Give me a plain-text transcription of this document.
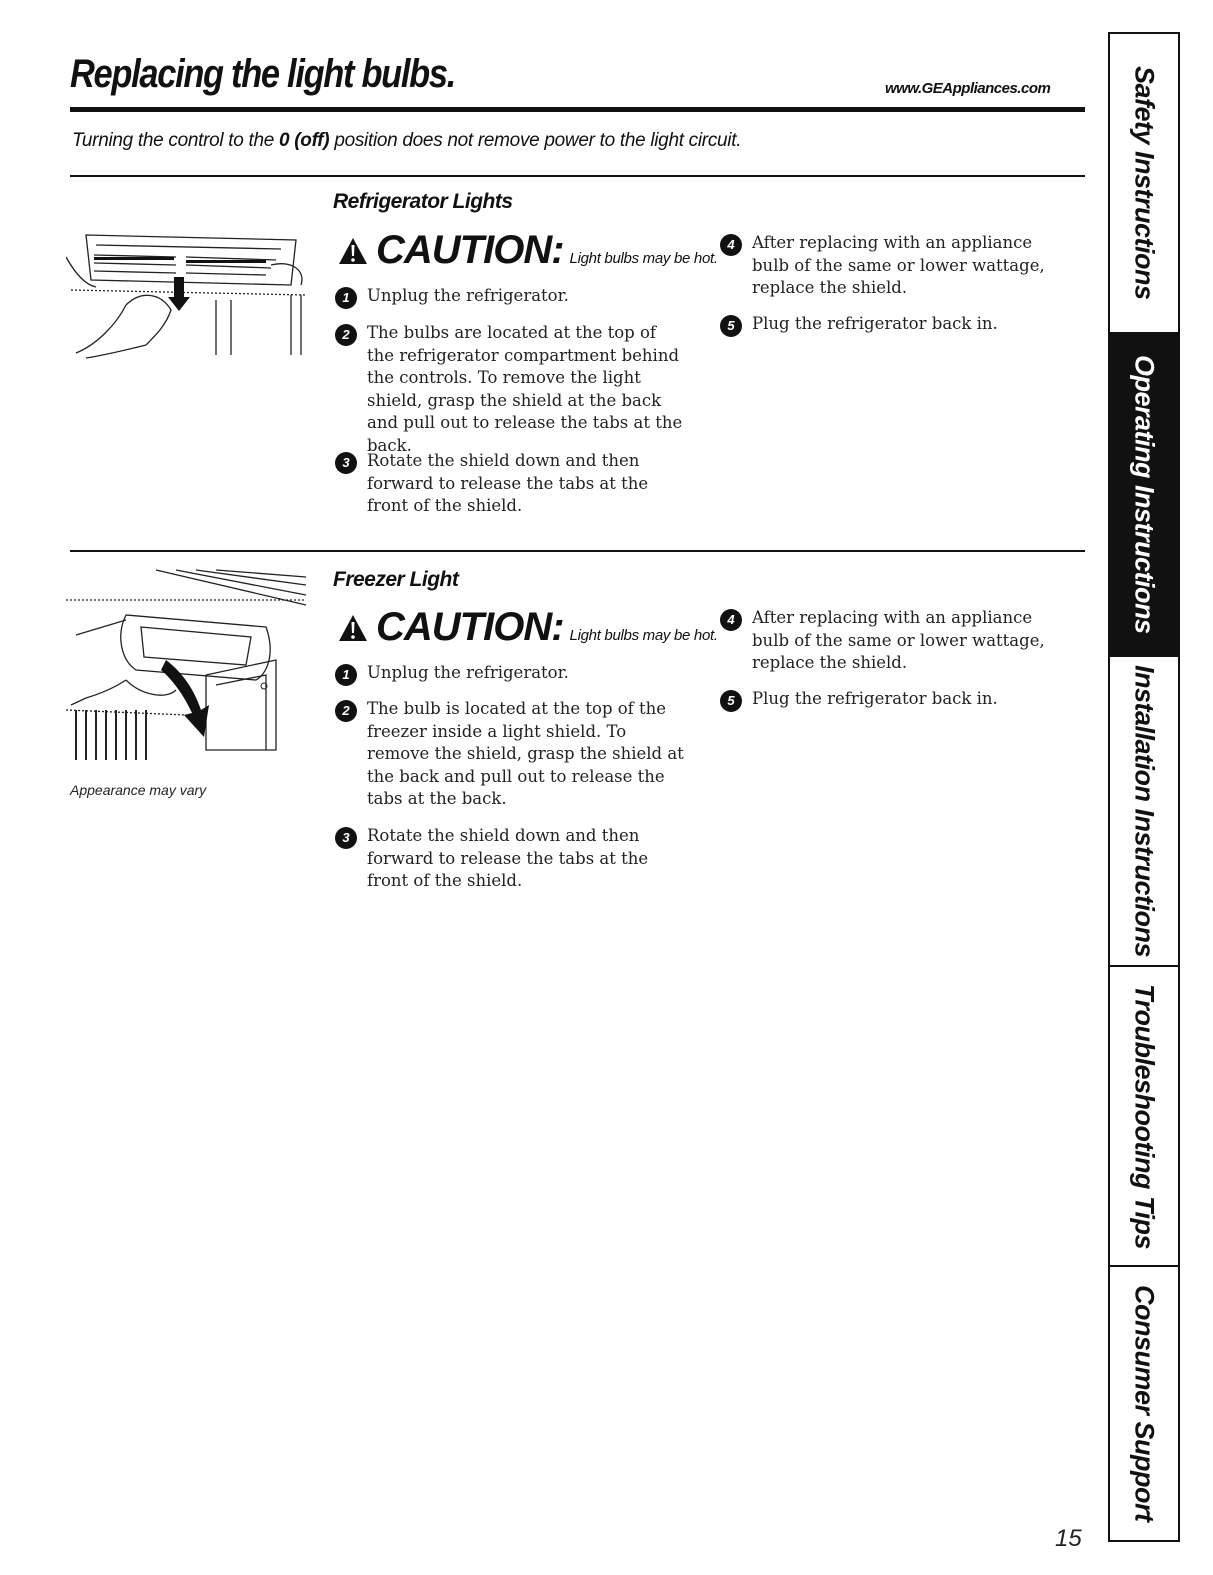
Replacing the light bulbs.	www.GEAppliances.com
Turning the control to the 0 (off) position does not remove power to the light circuit.
Refrigerator Lights
CAUTION: Light bulbs may be hot.
1	Unplug the refrigerator.
2	The bulbs are located at the top of the refrigerator compartment behind the controls. To remove the light shield, grasp the shield at the back and pull out to release the tabs at the back.
3	Rotate the shield down and then forward to release the tabs at the front of the shield.
4	After replacing with an appliance bulb of the same or lower wattage, replace the shield.
5	Plug the refrigerator back in.
Appearance may vary
Freezer Light
CAUTION: Light bulbs may be hot.
1	Unplug the refrigerator.
2	The bulb is located at the top of the freezer inside a light shield. To remove the shield, grasp the shield at the back and pull out to release the tabs at the back.
3	Rotate the shield down and then forward to release the tabs at the front of the shield.
4	After replacing with an appliance bulb of the same or lower wattage, replace the shield.
5	Plug the refrigerator back in.
15
Safety Instructions
Operating Instructions
Installation Instructions
Troubleshooting Tips
Consumer Support
